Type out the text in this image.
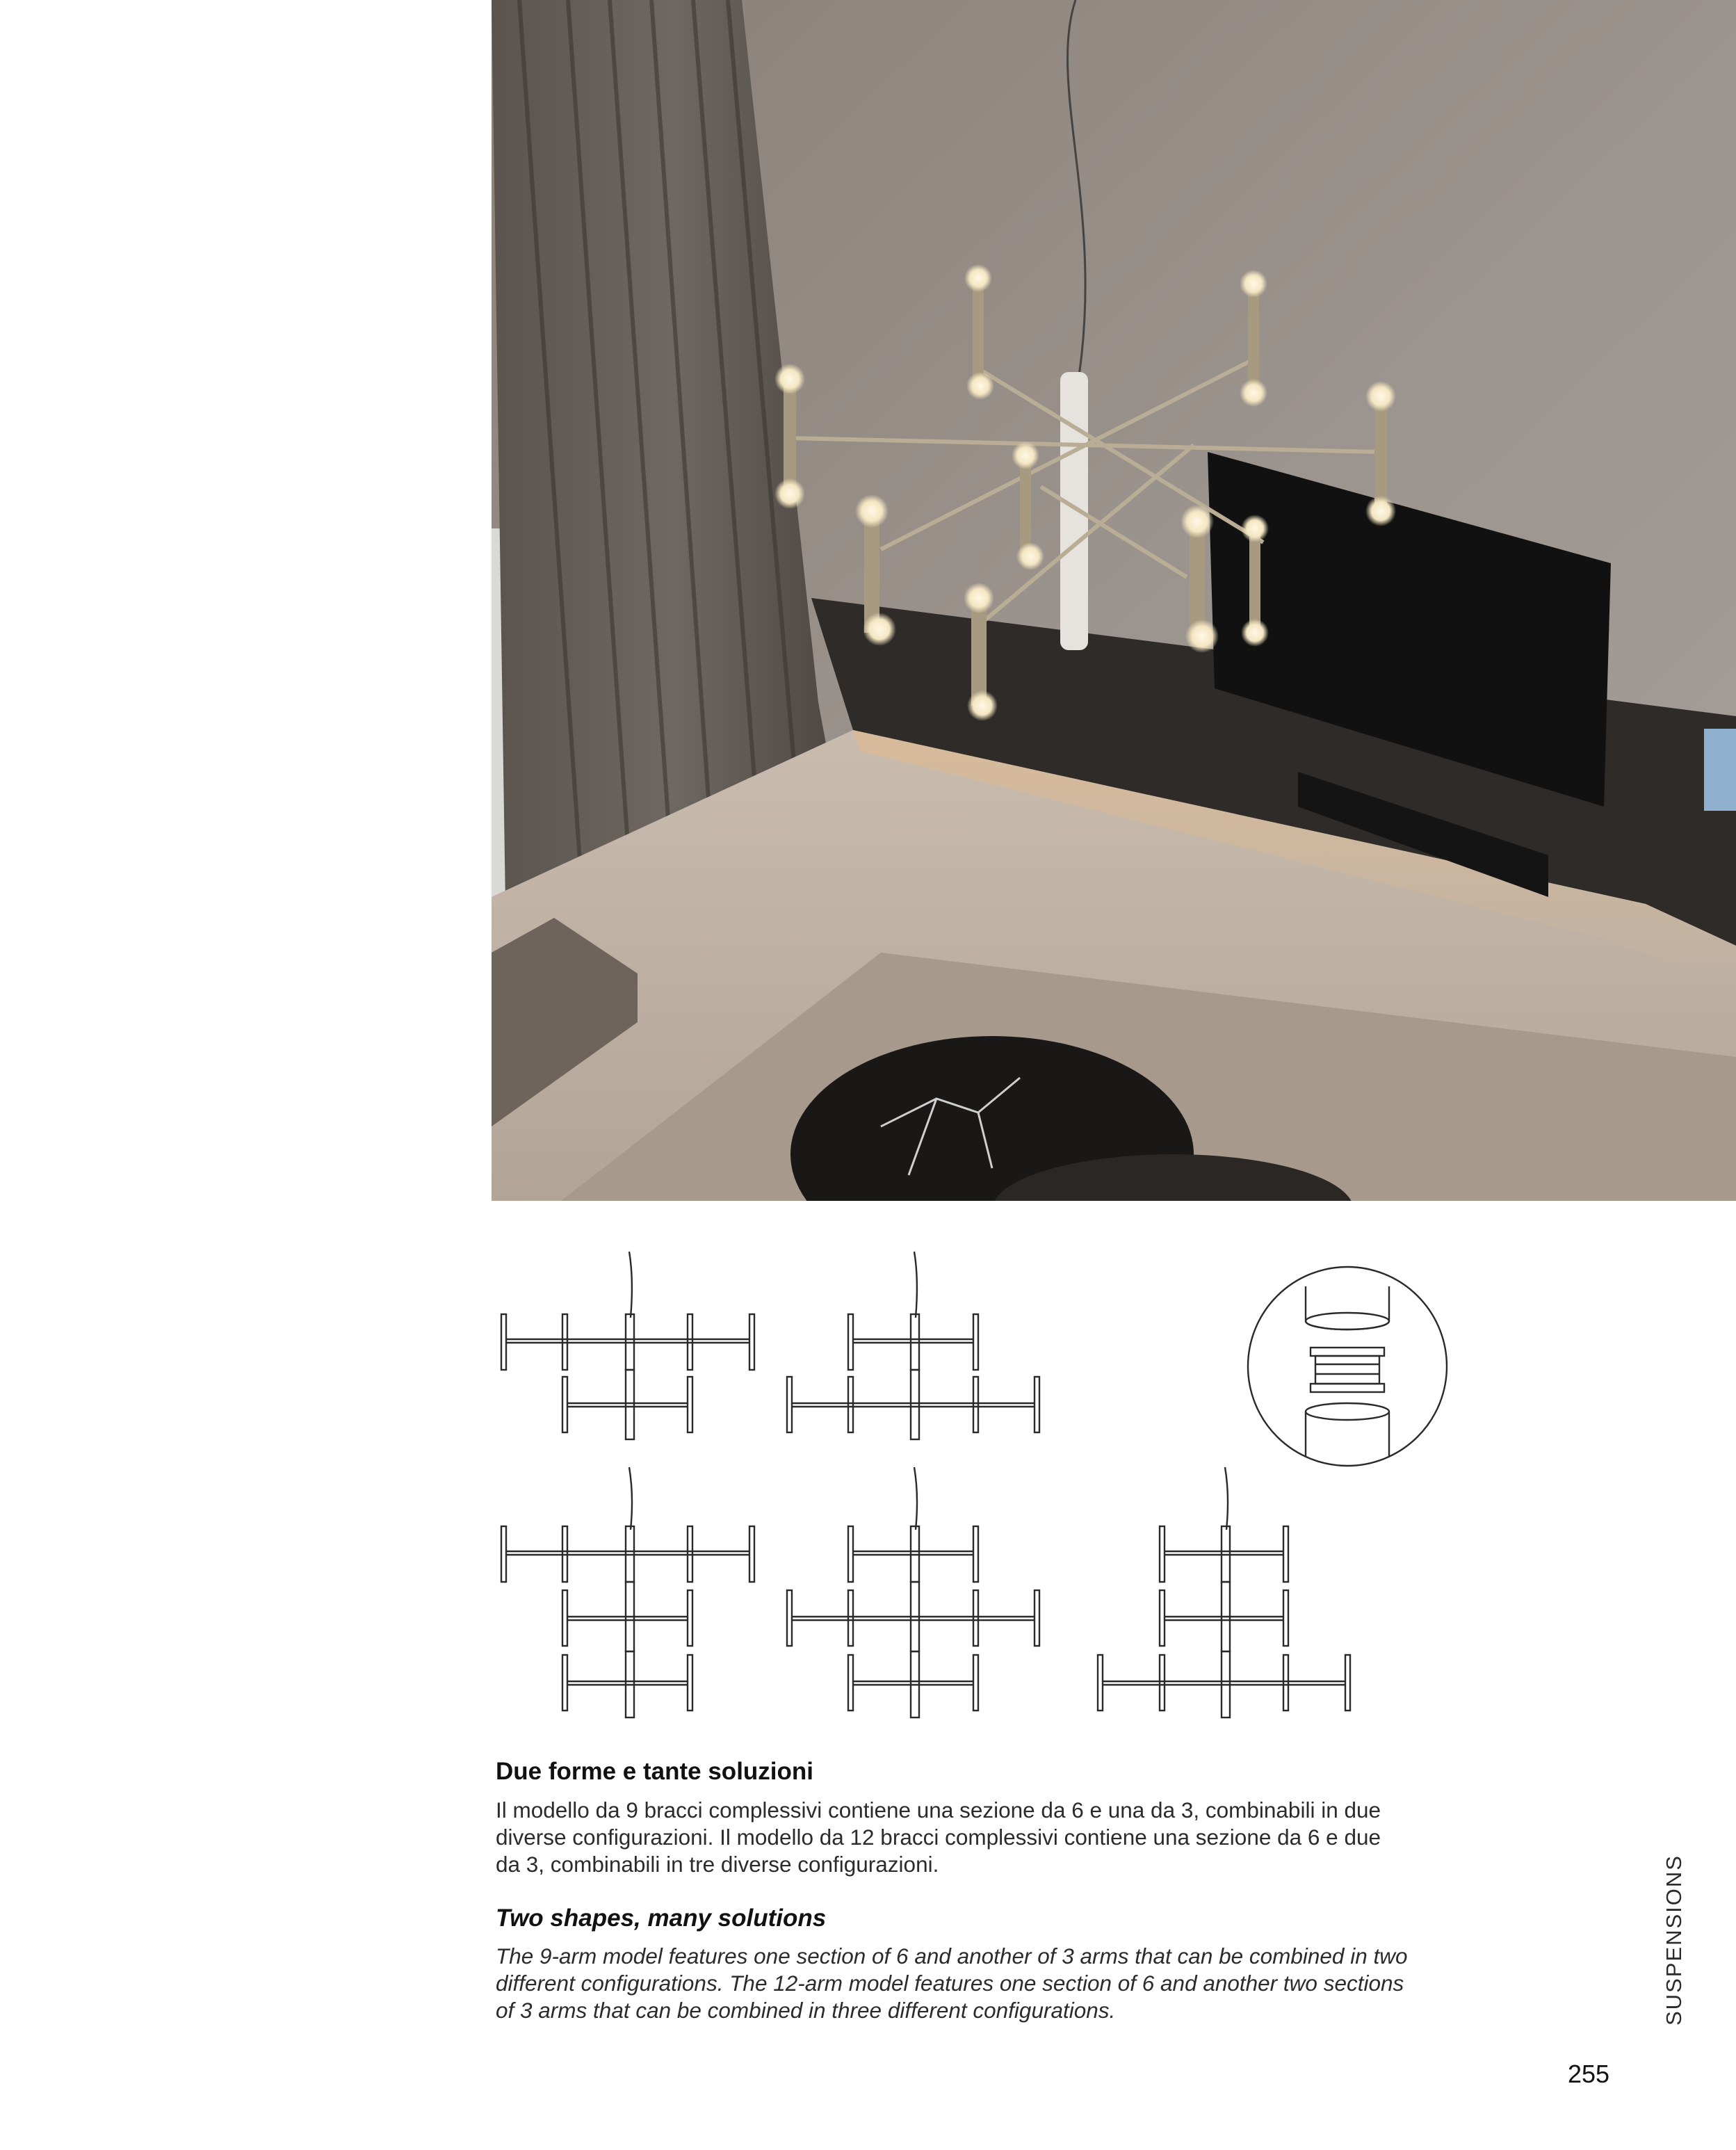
Due forme e tante soluzioni

Il modello da 9 bracci complessivi contiene una sezione da 6 e una da 3, combinabili in due
diverse configurazioni. Il modello da 12 bracci complessivi contiene una sezione da 6 e due
da 3, combinabili in tre diverse configurazioni.

Two shapes, many solutions

The 9-arm model features one section of 6 and another of 3 arms that can be combined in two
different configurations. The 12-arm model features one section of 6 and another two sections
of 3 arms that can be combined in three different configurations.	SUSPENSIONS
255
